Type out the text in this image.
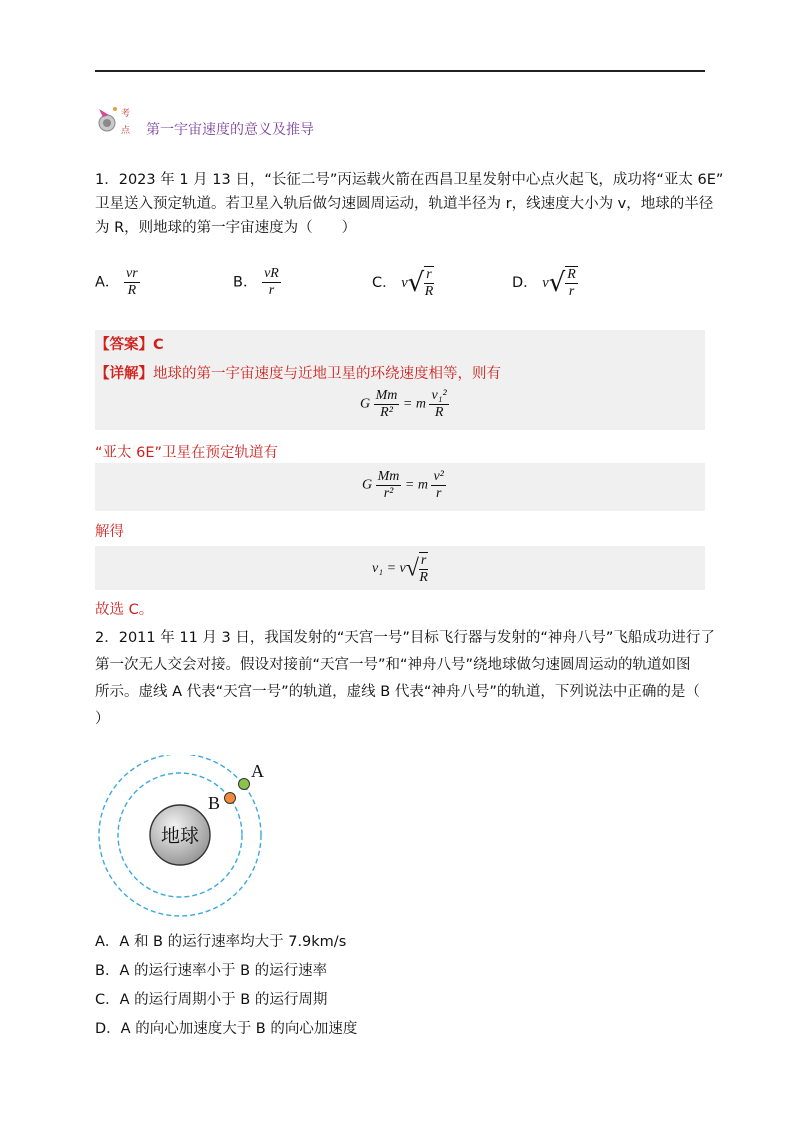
考
点 第一宇宙速度的意义及推导
1．2023 年 1 月 13 日，“长征二号”丙运载火箭在西昌卫星发射中心点火起飞，成功将“亚太 6E”
卫星送入预定轨道。若卫星入轨后做匀速圆周运动，轨道半径为 r，线速度大小为 v，地球的半径
为 R，则地球的第一宇宙速度为（　　）
A． $\frac{vr}{R}$	B． $\frac{vR}{r}$	C． $v√ \frac{r}{R}$	D． $v√ \frac{R}{r}$
【答案】C
【详解】地球的第一宇宙速度与近地卫星的环绕速度相等，则有
G $\frac{Mm}{\text{R²}} = m \frac{\text{v₁²}}{R}$
“亚太 6E”卫星在预定轨道有
G $\frac{Mm}{\text{r²}} = m \frac{\text{v²}}{r}$
解得
$v_1 = v√ \frac{r}{R}$
故选 C。
2．2011 年 11 月 3 日，我国发射的“天宫一号”目标飞行器与发射的“神舟八号”飞船成功进行了
第一次无人交会对接。假设对接前“天宫一号”和“神舟八号”绕地球做匀速圆周运动的轨道如图
所示。虚线 A 代表“天宫一号”的轨道，虚线 B 代表“神舟八号”的轨道，下列说法中正确的是（
）
地球
A
B
A．A 和 B 的运行速率均大于 7.9km/s
B．A 的运行速率小于 B 的运行速率
C．A 的运行周期小于 B 的运行周期
D．A 的向心加速度大于 B 的向心加速度
